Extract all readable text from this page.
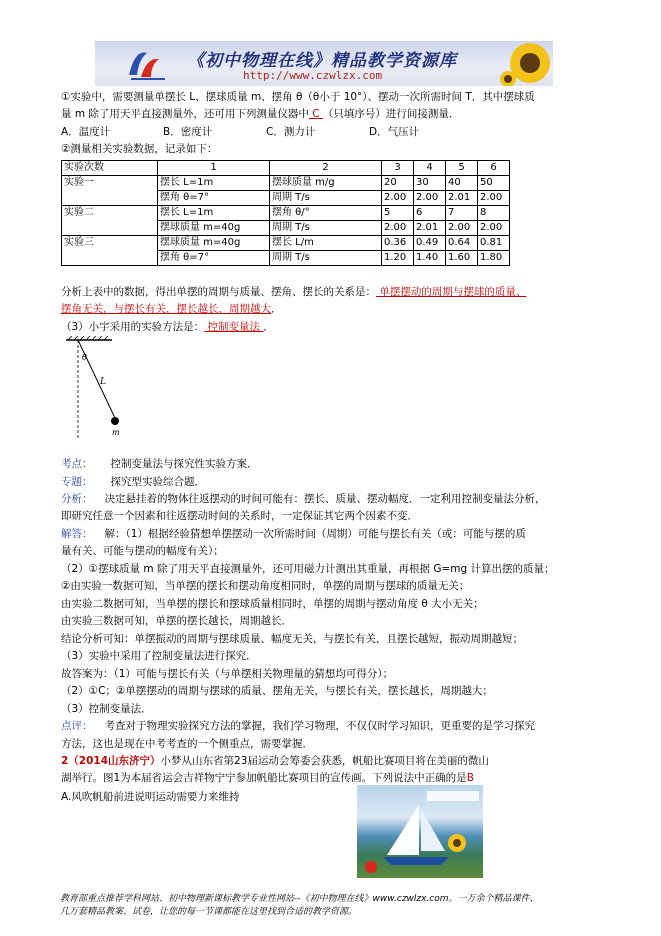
《初中物理在线》精品教学资源库
http://www.czwlzx.com
①实验中，需要测量单摆长 L、摆球质量 m、摆角 θ（θ小于 10°）、摆动一次所需时间 T．其中摆球质
量 m 除了用天平直接测量外，还可用下列测量仪器中 C （只填序号）进行间接测量．
A．温度计	B．密度计	C．测力计	D．气压计
②测量相关实验数据，记录如下：
实验次数	1	2	3	4	5	6
实验一	摆长 L=1m	摆球质量 m/g	20	30	40	50
	摆角 θ=7°	周期 T/s	2.00	2.00	2.01	2.00
实验二	摆长 L=1m	摆角 θ/°	5	6	7	8
	摆球质量 m=40g	周期 T/s	2.00	2.01	2.00	2.00
实验三	摆球质量 m=40g	摆长 L/m	0.36	0.49	0.64	0.81
	摆角 θ=7°	周期 T/s	1.20	1.40	1.60	1.80
分析上表中的数据，得出单摆的周期与质量、摆角、摆长的关系是： 单摆摆动的周期与摆球的质量、
摆角无关，与摆长有关，摆长越长，周期越大．
（3）小宇采用的实验方法是： 控制变量法 ．
θ
L
m
考点： 控制变量法与探究性实验方案．
专题： 探究型实验综合题．
分析： 决定悬挂着的物体往返摆动的时间可能有：摆长、质量、摆动幅度．一定利用控制变量法分析，
即研究任意一个因素和往返摆动时间的关系时，一定保证其它两个因素不变．
解答： 解：（1）根据经验猜想单摆摆动一次所需时间（周期）可能与摆长有关（或：可能与摆的质
量有关、可能与摆动的幅度有关）；
（2）①摆球质量 m 除了用天平直接测量外，还可用磁力计测出其重量，再根据 G=mg 计算出摆的质量；
②由实验一数据可知，当单摆的摆长和摆动角度相同时，单摆的周期与摆球的质量无关；
由实验二数据可知，当单摆的摆长和摆球质量相同时，单摆的周期与摆动角度 θ 大小无关；
由实验三数据可知，单摆的摆长越长，周期越长．
结论分析可知：单摆振动的周期与摆球质量、幅度无关，与摆长有关，且摆长越短，振动周期越短；
（3）实验中采用了控制变量法进行探究．
故答案为：（1）可能与摆长有关（与单摆相关物理量的猜想均可得分）；
（2）①C；②单摆摆动的周期与摆球的质量、摆角无关，与摆长有关，摆长越长，周期越大；
（3）控制变量法．
点评： 考查对于物理实验探究方法的掌握，我们学习物理，不仅仅时学习知识，更重要的是学习探究
方法，这也是现在中考考查的一个侧重点，需要掌握．
2（2014山东济宁）小梦从山东省第23届运动会筹委会获悉，帆船比赛项目将在美丽的微山
湖举行。图1为本届省运会吉祥物宁宁参加帆船比赛项目的宣传画。下列说法中正确的是B
A.风吹帆船前进说明运动需要力来维持
教育部重点推荐学科网站、初中物理新课标教学专业性网站--《初中物理在线》www.czwlzx.com。一万余个精品课件、
几万套精品教案、试卷，让您的每一节课都能在这里找到合适的教学资源。
